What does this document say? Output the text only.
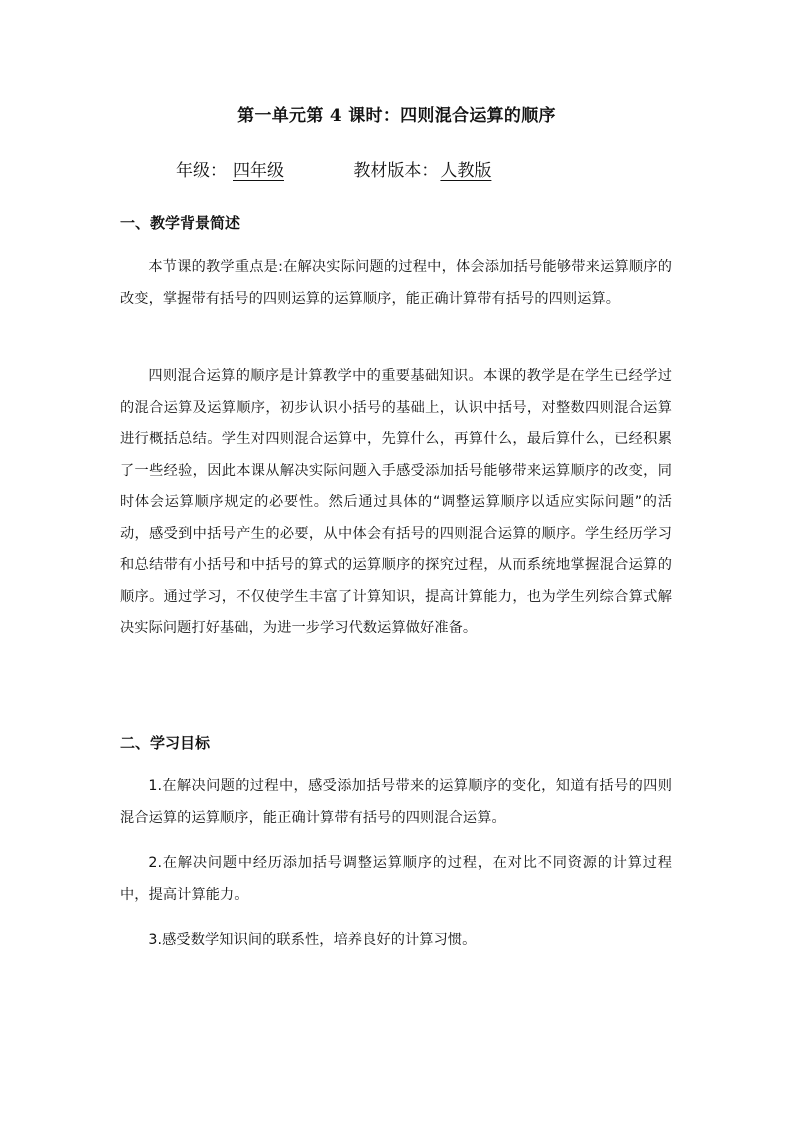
第一单元第 4 课时：四则混合运算的顺序
年级： 四年级	教材版本： 人教版
一、教学背景简述

本节课的教学重点是:在解决实际问题的过程中，体会添加括号能够带来运算顺序的改变，掌握带有括号的四则运算的运算顺序，能正确计算带有括号的四则运算。

四则混合运算的顺序是计算教学中的重要基础知识。本课的教学是在学生已经学过的混合运算及运算顺序，初步认识小括号的基础上，认识中括号，对整数四则混合运算进行概括总结。学生对四则混合运算中，先算什么，再算什么，最后算什么，已经积累了一些经验，因此本课从解决实际问题入手感受添加括号能够带来运算顺序的改变，同时体会运算顺序规定的必要性。然后通过具体的“调整运算顺序以适应实际问题”的活动，感受到中括号产生的必要，从中体会有括号的四则混合运算的顺序。学生经历学习和总结带有小括号和中括号的算式的运算顺序的探究过程，从而系统地掌握混合运算的顺序。通过学习，不仅使学生丰富了计算知识，提高计算能力，也为学生列综合算式解决实际问题打好基础，为进一步学习代数运算做好准备。

二、学习目标

1.在解决问题的过程中，感受添加括号带来的运算顺序的变化，知道有括号的四则混合运算的运算顺序，能正确计算带有括号的四则混合运算。

2.在解决问题中经历添加括号调整运算顺序的过程，在对比不同资源的计算过程中，提高计算能力。

3.感受数学知识间的联系性，培养良好的计算习惯。
